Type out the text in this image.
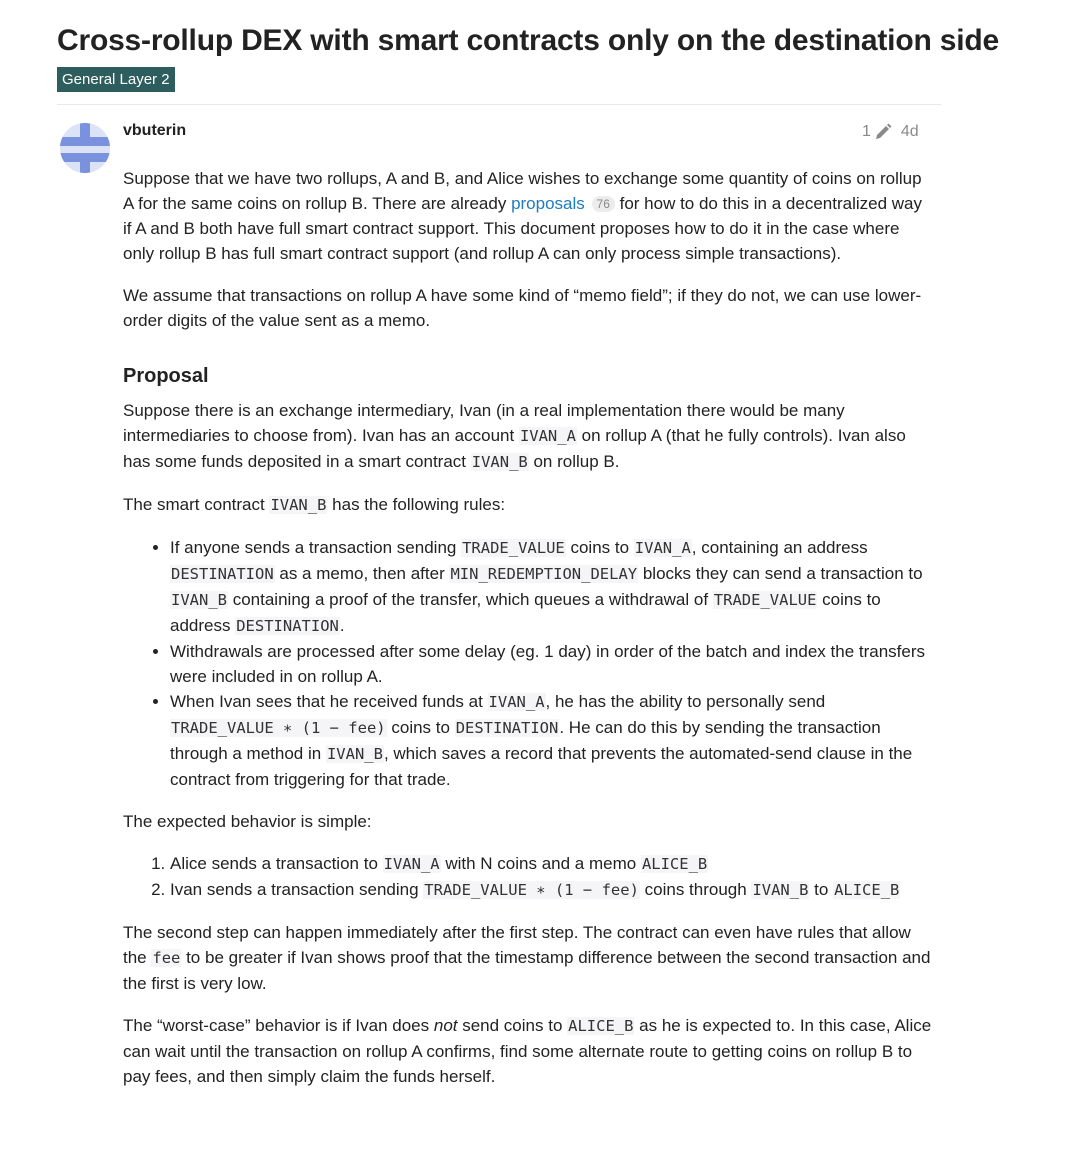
Cross-rollup DEX with smart contracts only on the destination side
General Layer 2
vbuterin	1 4d

Suppose that we have two rollups, A and B, and Alice wishes to exchange some quantity of coins on rollup A for the same coins on rollup B. There are already proposals 76 for how to do this in a decentralized way if A and B both have full smart contract support. This document proposes how to do it in the case where only rollup B has full smart contract support (and rollup A can only process simple transactions).

We assume that transactions on rollup A have some kind of “memo field”; if they do not, we can use lower-order digits of the value sent as a memo.

Proposal

Suppose there is an exchange intermediary, Ivan (in a real implementation there would be many intermediaries to choose from). Ivan has an account IVAN_A on rollup A (that he fully controls). Ivan also has some funds deposited in a smart contract IVAN_B on rollup B.

The smart contract IVAN_B has the following rules:

• If anyone sends a transaction sending TRADE_VALUE coins to IVAN_A, containing an address DESTINATION as a memo, then after MIN_REDEMPTION_DELAY blocks they can send a transaction to IVAN_B containing a proof of the transfer, which queues a withdrawal of TRADE_VALUE coins to address DESTINATION.
• Withdrawals are processed after some delay (eg. 1 day) in order of the batch and index the transfers were included in on rollup A.
• When Ivan sees that he received funds at IVAN_A, he has the ability to personally send TRADE_VALUE ∗ (1 − fee) coins to DESTINATION. He can do this by sending the transaction through a method in IVAN_B, which saves a record that prevents the automated-send clause in the contract from triggering for that trade.

The expected behavior is simple:

1. Alice sends a transaction to IVAN_A with N coins and a memo ALICE_B
2. Ivan sends a transaction sending TRADE_VALUE ∗ (1 − fee) coins through IVAN_B to ALICE_B

The second step can happen immediately after the first step. The contract can even have rules that allow the fee to be greater if Ivan shows proof that the timestamp difference between the second transaction and the first is very low.

The “worst-case” behavior is if Ivan does not send coins to ALICE_B as he is expected to. In this case, Alice can wait until the transaction on rollup A confirms, find some alternate route to getting coins on rollup B to pay fees, and then simply claim the funds herself.
